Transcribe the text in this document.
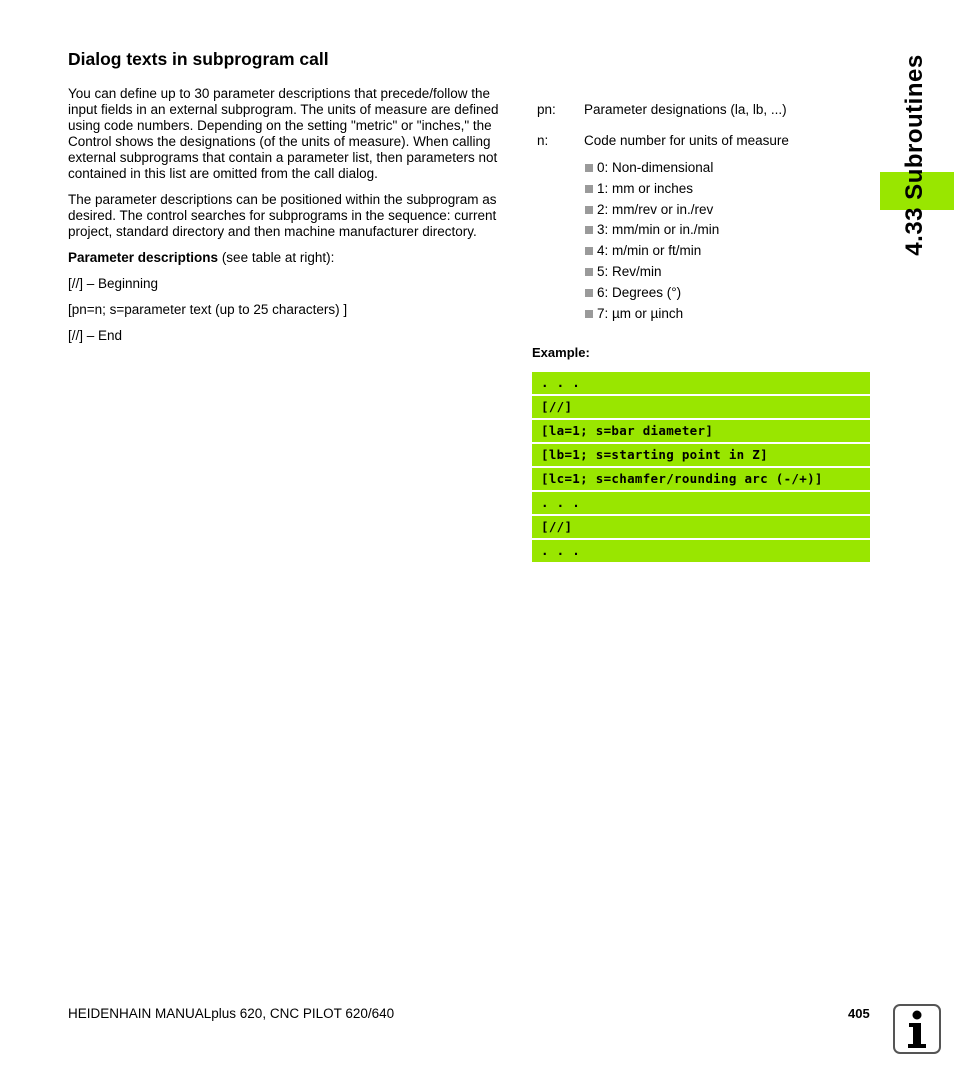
Dialog texts in subprogram call

You can define up to 30 parameter descriptions that precede/follow the input fields in an external subprogram. The units of measure are defined using code numbers. Depending on the setting "metric" or "inches," the Control shows the designations (of the units of measure). When calling external subprograms that contain a parameter list, then parameters not contained in this list are omitted from the call dialog.

The parameter descriptions can be positioned within the subprogram as desired. The control searches for subprograms in the sequence: current project, standard directory and then machine manufacturer directory.

Parameter descriptions (see table at right):

[//] – Beginning

[pn=n; s=parameter text (up to 25 characters) ]

[//] – End

pn:	Parameter designations (la, lb, ...)
n:	Code number for units of measure
0: Non-dimensional
1: mm or inches
2: mm/rev or in./rev
3: mm/min or in./min
4: m/min or ft/min
5: Rev/min
6: Degrees (°)
7: µm or µinch
Example:
. . .
[//]
[la=1; s=bar diameter]
[lb=1; s=starting point in Z]
[lc=1; s=chamfer/rounding arc (-/+)]
. . .
[//]
. . .
4.33 Subroutines
HEIDENHAIN MANUALplus 620, CNC PILOT 620/640	405
